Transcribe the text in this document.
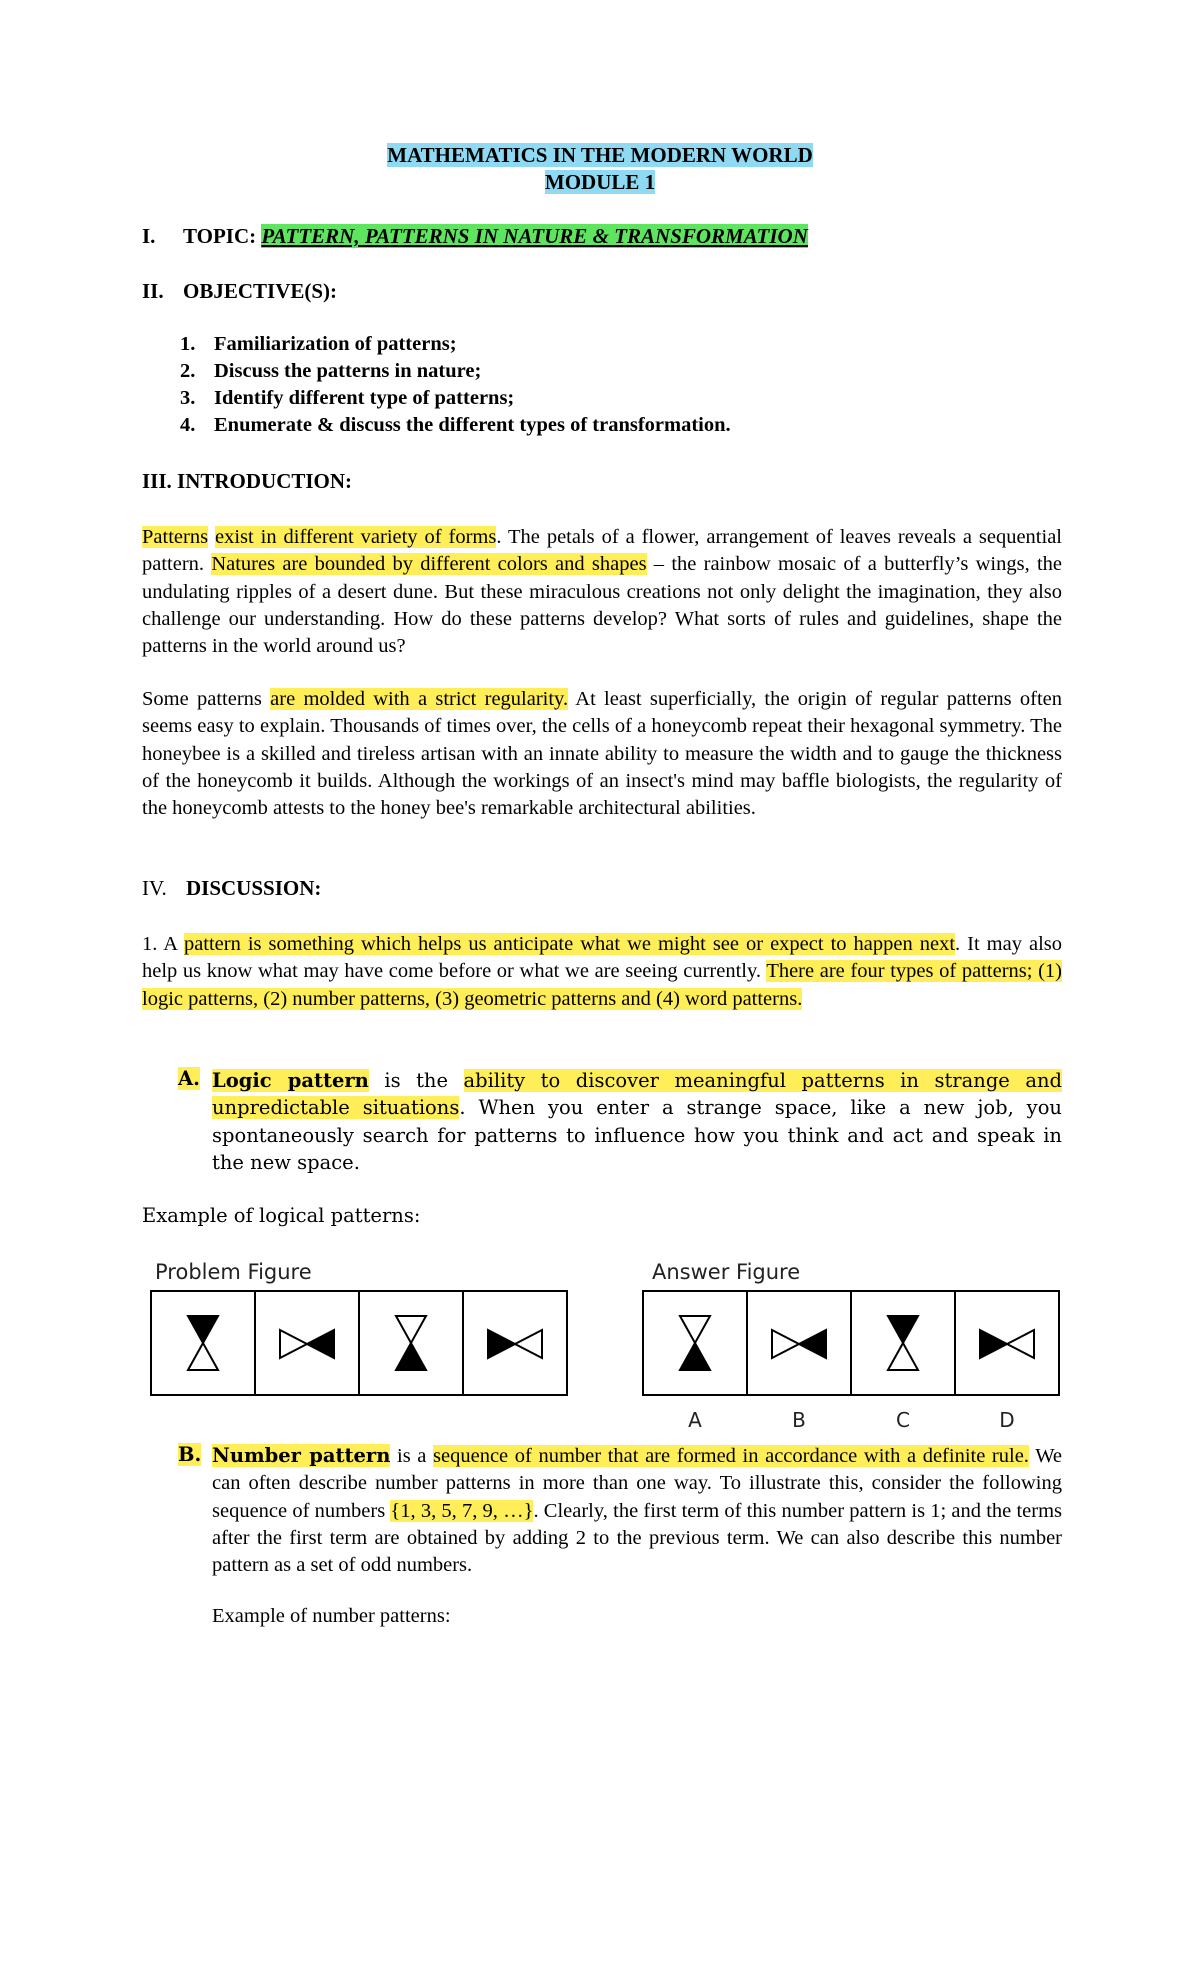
MATHEMATICS IN THE MODERN WORLD
MODULE 1
I. TOPIC: PATTERN, PATTERNS IN NATURE & TRANSFORMATION
II. OBJECTIVE(S):
1. Familiarization of patterns;
2. Discuss the patterns in nature;
3. Identify different type of patterns;
4. Enumerate & discuss the different types of transformation.
III. INTRODUCTION:
Patterns exist in different variety of forms. The petals of a flower, arrangement of leaves reveals a sequential pattern. Natures are bounded by different colors and shapes – the rainbow mosaic of a butterfly’s wings, the undulating ripples of a desert dune. But these miraculous creations not only delight the imagination, they also challenge our understanding. How do these patterns develop? What sorts of rules and guidelines, shape the patterns in the world around us?
Some patterns are molded with a strict regularity. At least superficially, the origin of regular patterns often seems easy to explain. Thousands of times over, the cells of a honeycomb repeat their hexagonal symmetry. The honeybee is a skilled and tireless artisan with an innate ability to measure the width and to gauge the thickness of the honeycomb it builds. Although the workings of an insect's mind may baffle biologists, the regularity of the honeycomb attests to the honey bee's remarkable architectural abilities.
IV. DISCUSSION:
1. A pattern is something which helps us anticipate what we might see or expect to happen next. It may also help us know what may have come before or what we are seeing currently. There are four types of patterns; (1) logic patterns, (2) number patterns, (3) geometric patterns and (4) word patterns.
A. Logic pattern is the ability to discover meaningful patterns in strange and unpredictable situations. When you enter a strange space, like a new job, you spontaneously search for patterns to influence how you think and act and speak in the new space.
Example of logical patterns:
Problem Figure	Answer Figure
A	B	C	D
B. Number pattern is a sequence of number that are formed in accordance with a definite rule. We can often describe number patterns in more than one way. To illustrate this, consider the following sequence of numbers {1, 3, 5, 7, 9, …}. Clearly, the first term of this number pattern is 1; and the terms after the first term are obtained by adding 2 to the previous term. We can also describe this number pattern as a set of odd numbers.
Example of number patterns:
